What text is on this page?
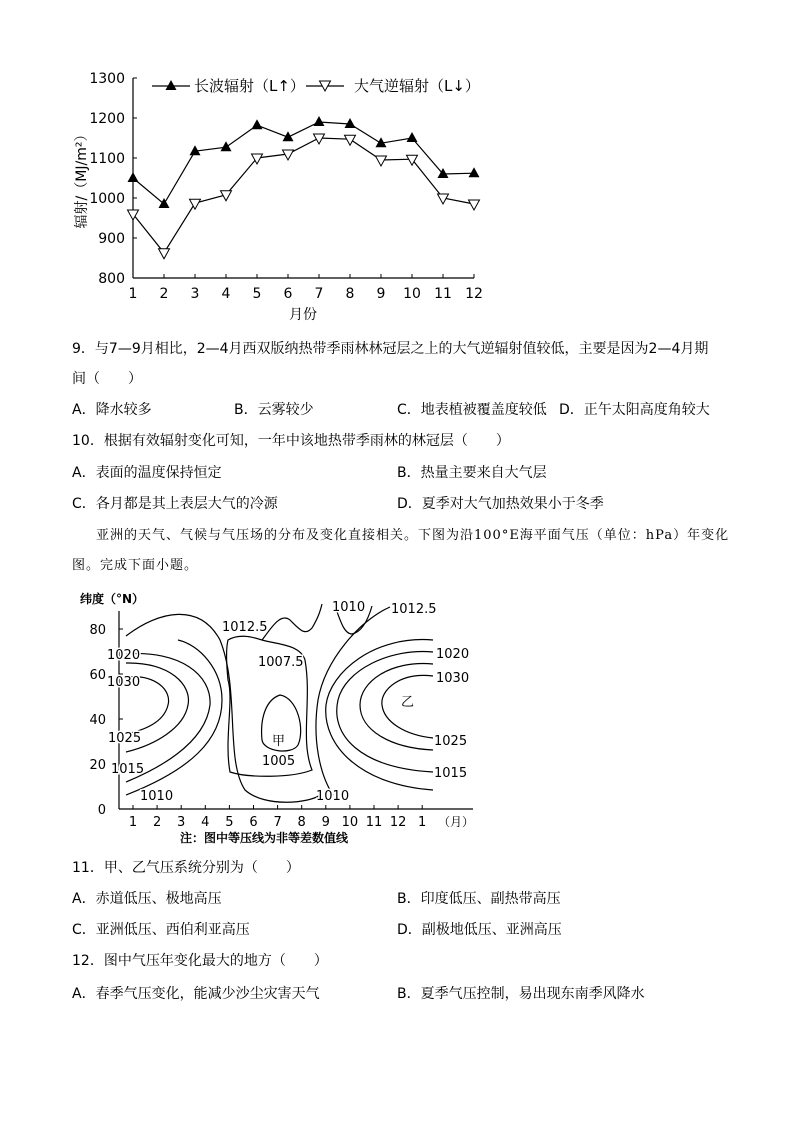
800
900
1000
1100
1200
1300
1 2 3 4 5 6 7 8 9 10 11 12
长波辐射（L↑）	大气逆辐射（L↓）
辐射/（MJ/m²）
月份
9．与7—9月相比，2—4月西双版纳热带季雨林林冠层之上的大气逆辐射值较低，主要是因为2—4月期
间（　　）
A．降水较多	B．云雾较少	C．地表植被覆盖度较低 D．正午太阳高度角较大
10．根据有效辐射变化可知，一年中该地热带季雨林的林冠层（　　）
A．表面的温度保持恒定	B．热量主要来自大气层
C．各月都是其上表层大气的冷源	D．夏季对大气加热效果小于冬季
亚洲的天气、气候与气压场的分布及变化直接相关。下图为沿100°E海平面气压（单位：hPa）年变化
图。完成下面小题。
纬度（°N）
0
20
40
60
80
1 2 3 4 5 6 7 8 9 10 11 12 1 （月）
1010
1012.5
1012.5
1007.5
1005
甲
乙
1020
1030
1025
1015
1010	1010
1020
1030
1025
1015
注：图中等压线为非等差数值线
11．甲、乙气压系统分别为（　　）
A．赤道低压、极地高压	B．印度低压、副热带高压
C．亚洲低压、西伯利亚高压	D．副极地低压、亚洲高压
12．图中气压年变化最大的地方（　　）
A．春季气压变化，能减少沙尘灾害天气	B．夏季气压控制，易出现东南季风降水
